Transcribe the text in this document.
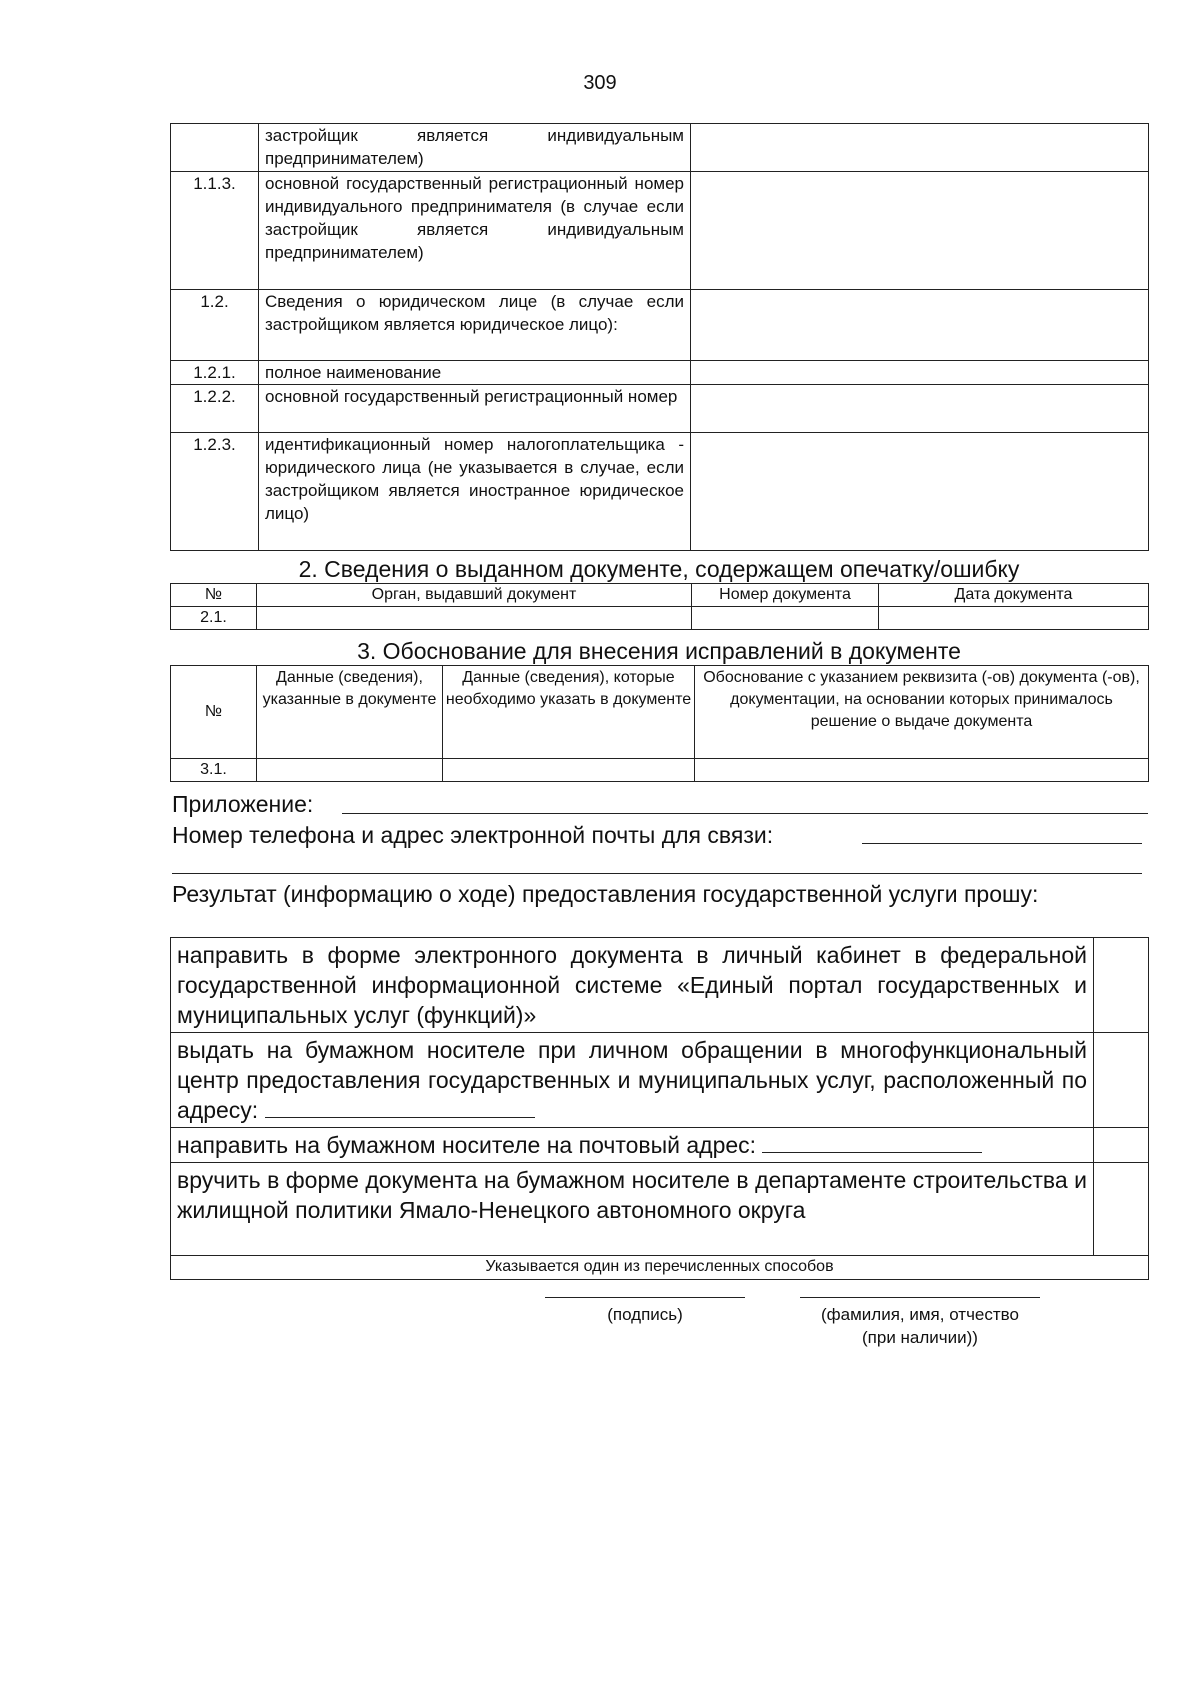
309
	застройщик является индивидуальным предпринимателем)	
1.1.3.	основной государственный регистрационный номер индивидуального предпринимателя (в случае если застройщик является индивидуальным предпринимателем)	
1.2.	Сведения о юридическом лице (в случае если застройщиком является юридическое лицо):	
1.2.1.	полное наименование	
1.2.2.	основной государственный регистрационный номер	
1.2.3.	идентификационный номер налогоплательщика - юридического лица (не указывается в случае, если застройщиком является иностранное юридическое лицо)	
2. Сведения о выданном документе, содержащем опечатку/ошибку
№	Орган, выдавший документ	Номер документа	Дата документа
2.1.			
3. Обоснование для внесения исправлений в документе
№	Данные (сведения), указанные в документе	Данные (сведения), которые необходимо указать в документе	Обоснование с указанием реквизита (-ов) документа (-ов), документации, на основании которых принималось решение о выдаче документа
3.1.			
Приложение:
Номер телефона и адрес электронной почты для связи:
Результат (информацию о ходе) предоставления государственной услуги прошу:
направить в форме электронного документа в личный кабинет в федеральной государственной информационной системе «Единый портал государственных и муниципальных услуг (функций)»	
выдать на бумажном носителе при личном обращении в многофункциональный центр предоставления государственных и муниципальных услуг, расположенный по адресу:	
направить на бумажном носителе на почтовый адрес:	
вручить в форме документа на бумажном носителе в департаменте строительства и жилищной политики Ямало-Ненецкого автономного округа	
Указывается один из перечисленных способов	
(подпись)	(фамилия, имя, отчество
(при наличии))
